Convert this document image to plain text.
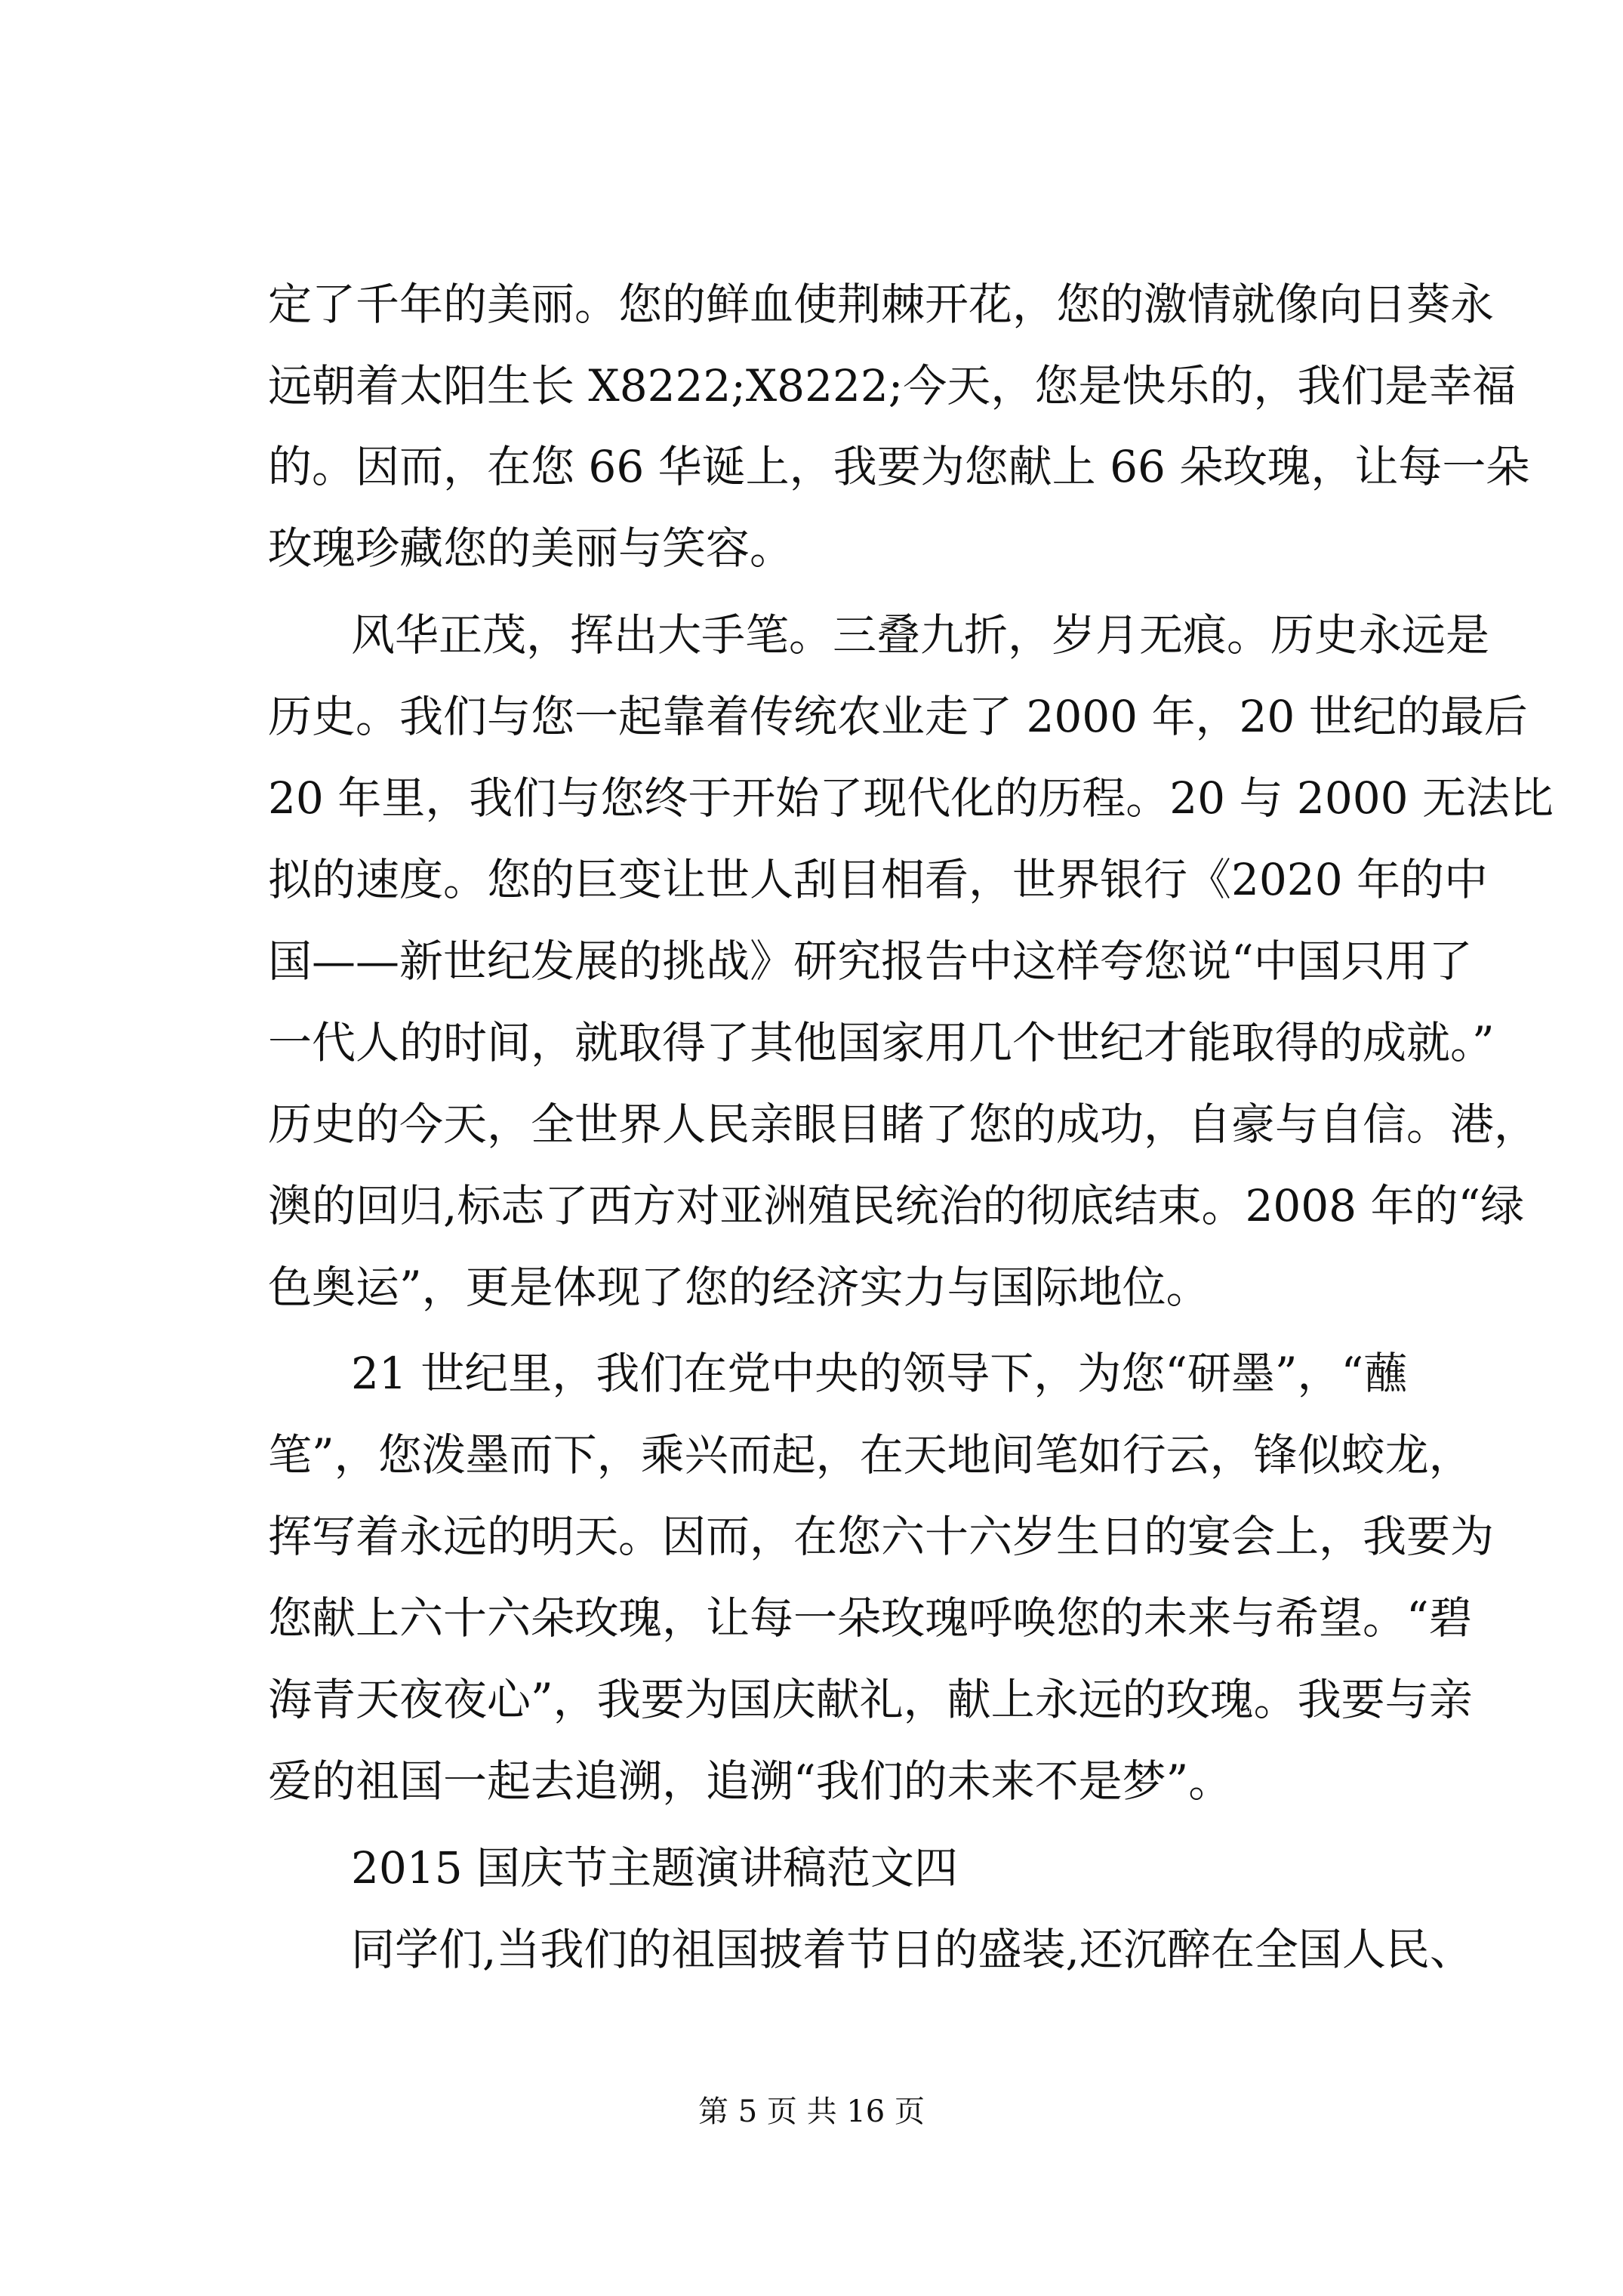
定了千年的美丽。您的鲜血使荆棘开花，您的激情就像向日葵永
远朝着太阳生长 X8222;X8222;今天，您是快乐的，我们是幸福
的。因而，在您 66 华诞上，我要为您献上 66 朵玫瑰，让每一朵
玫瑰珍藏您的美丽与笑容。
风华正茂，挥出大手笔。三叠九折，岁月无痕。历史永远是
历史。我们与您一起靠着传统农业走了 2000 年，20 世纪的最后
20 年里，我们与您终于开始了现代化的历程。20 与 2000 无法比
拟的速度。您的巨变让世人刮目相看，世界银行《2020 年的中
国——新世纪发展的挑战》研究报告中这样夸您说“中国只用了
一代人的时间，就取得了其他国家用几个世纪才能取得的成就。”
历史的今天，全世界人民亲眼目睹了您的成功，自豪与自信。港，
澳的回归,标志了西方对亚洲殖民统治的彻底结束。2008 年的“绿
色奥运”，更是体现了您的经济实力与国际地位。
21 世纪里，我们在党中央的领导下，为您“研墨”，“蘸
笔”，您泼墨而下，乘兴而起，在天地间笔如行云，锋似蛟龙，
挥写着永远的明天。因而，在您六十六岁生日的宴会上，我要为
您献上六十六朵玫瑰，让每一朵玫瑰呼唤您的未来与希望。“碧
海青天夜夜心”，我要为国庆献礼，献上永远的玫瑰。我要与亲
爱的祖国一起去追溯，追溯“我们的未来不是梦”。
2015 国庆节主题演讲稿范文四
同学们,当我们的祖国披着节日的盛装,还沉醉在全国人民、
第 5 页 共 16 页
